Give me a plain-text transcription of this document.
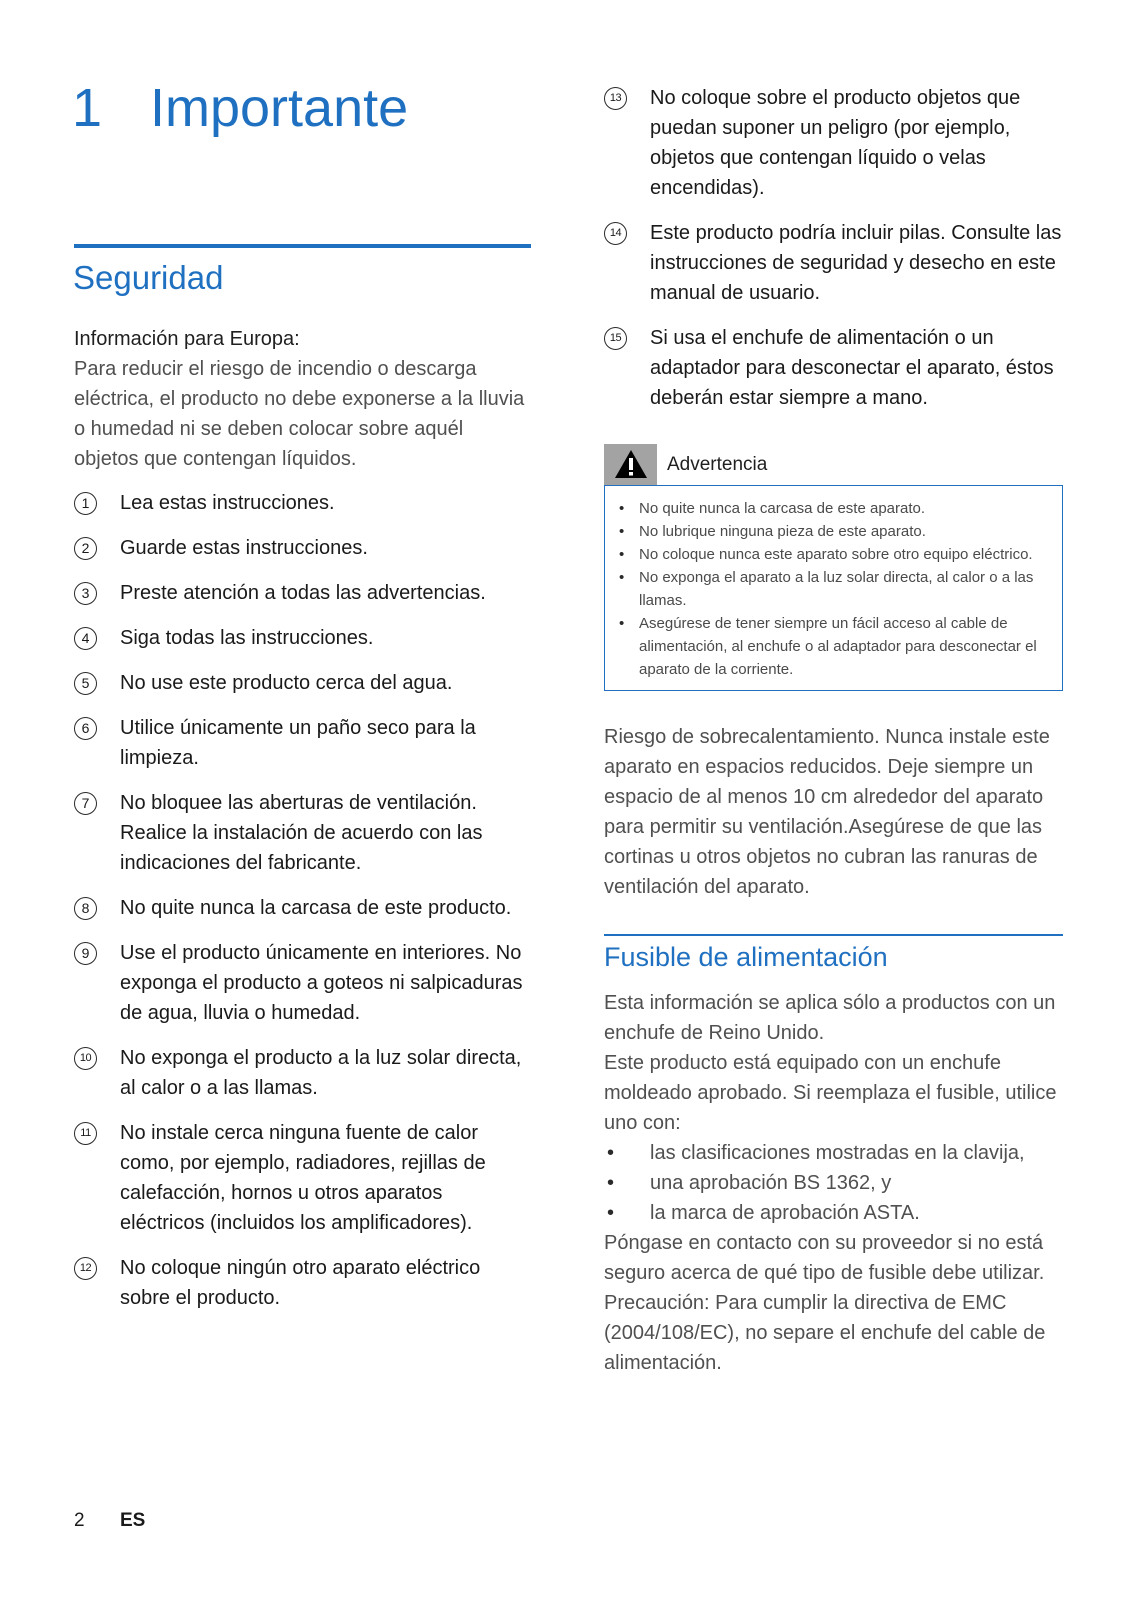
1 Importante
Seguridad

Información para Europa:

Para reducir el riesgo de incendio o descarga eléctrica, el producto no debe exponerse a la lluvia o humedad ni se deben colocar sobre aquél objetos que contengan líquidos.

1	Lea estas instrucciones.
2	Guarde estas instrucciones.
3	Preste atención a todas las advertencias.
4	Siga todas las instrucciones.
5	No use este producto cerca del agua.
6	Utilice únicamente un paño seco para la limpieza.
7	No bloquee las aberturas de ventilación. Realice la instalación de acuerdo con las indicaciones del fabricante.
8	No quite nunca la carcasa de este producto.
9	Use el producto únicamente en interiores. No exponga el producto a goteos ni salpicaduras de agua, lluvia o humedad.
10 No exponga el producto a la luz solar directa, al calor o a las llamas.
11	No instale cerca ninguna fuente de calor como, por ejemplo, radiadores, rejillas de calefacción, hornos u otros aparatos eléctricos (incluidos los amplificadores).
12 No coloque ningún otro aparato eléctrico sobre el producto.
13 No coloque sobre el producto objetos que puedan suponer un peligro (por ejemplo, objetos que contengan líquido o velas encendidas).
14 Este producto podría incluir pilas. Consulte las instrucciones de seguridad y desecho en este manual de usuario.
15 Si usa el enchufe de alimentación o un adaptador para desconectar el aparato, éstos deberán estar siempre a mano.
Advertencia
• No quite nunca la carcasa de este aparato.
• No lubrique ninguna pieza de este aparato.
• No coloque nunca este aparato sobre otro equipo eléctrico.
• No exponga el aparato a la luz solar directa, al calor o a las llamas.
• Asegúrese de tener siempre un fácil acceso al cable de alimentación, al enchufe o al adaptador para desconectar el aparato de la corriente.

Riesgo de sobrecalentamiento. Nunca instale este aparato en espacios reducidos. Deje siempre un espacio de al menos 10 cm alrededor del aparato para permitir su ventilación.Asegúrese de que las cortinas u otros objetos no cubran las ranuras de ventilación del aparato.

Fusible de alimentación

Esta información se aplica sólo a productos con un enchufe de Reino Unido.

Este producto está equipado con un enchufe moldeado aprobado. Si reemplaza el fusible, utilice uno con:

• las clasificaciones mostradas en la clavija,
• una aprobación BS 1362, y
• la marca de aprobación ASTA.

Póngase en contacto con su proveedor si no está seguro acerca de qué tipo de fusible debe utilizar.

Precaución: Para cumplir la directiva de EMC (2004/108/EC), no separe el enchufe del cable de alimentación.

2 ES
